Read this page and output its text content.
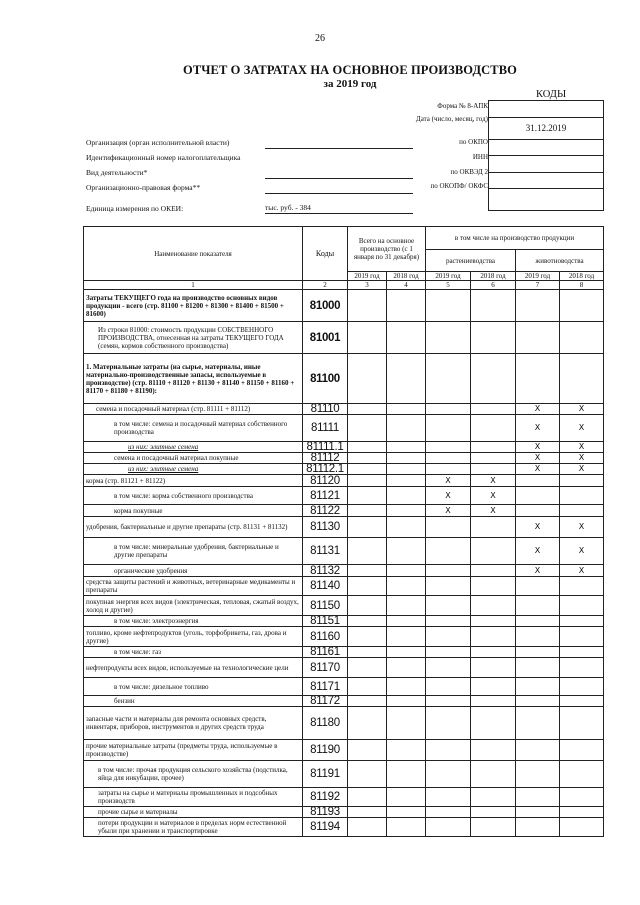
26
ОТЧЕТ О ЗАТРАТАХ НА ОСНОВНОЕ ПРОИЗВОДСТВО
за 2019 год
КОДЫ
31.12.2019
Форма № 8-АПК
Дата (число, месяц, год)
по ОКПО
ИНН
по ОКВЭД 2
по ОКОПФ/ ОКФС
Организация (орган исполнительной власти)
Идентификационный номер налогоплательщика
Вид деятельности*
Организационно-правовая форма**
Единица измерения по ОКЕИ:	тыс. руб. - 384
Наименование показателя	Коды	Всего на основное производство (с 1 января по 31 декабря)		в том числе на производство продукции			
				растениеводства		животноводства	
		2019 год	2018 год	2019 год	2018 год	2019 год	2018 год
1	2	3	4	5	6	7	8
Затраты ТЕКУЩЕГО года на производство основных видов продукции - всего (стр. 81100 + 81200 + 81300 + 81400 + 81500 + 81600)	81000						
Из строки 81000: стоимость продукции СОБСТВЕННОГО ПРОИЗВОДСТВА, отнесенная на затраты ТЕКУЩЕГО ГОДА (семян, кормов собственного производства)	81001						
1. Материальные затраты (на сырье, материалы, иные материально-производственные запасы, используемые в производстве) (стр. 81110 + 81120 + 81130 + 81140 + 81150 + 81160 + 81170 + 81180 + 81190):	81100						
семена и посадочный материал (стр. 81111 + 81112)	81110					X	X
в том числе: семена и посадочный материал собственного производства	81111					X	X
из них: элитные семена	81111.1					X	X
семена и посадочный материал покупные	81112					X	X
из них: элитные семена	81112.1					X	X
корма (стр. 81121 + 81122)	81120			X	X		
в том числе: корма собственного производства	81121			X	X		
корма покупные	81122			X	X		
удобрения, бактериальные и другие препараты (стр. 81131 + 81132)	81130					X	X
в том числе: минеральные удобрения, бактериальные и другие препараты	81131					X	X
органические удобрения	81132					X	X
средства защиты растений и животных, ветеринарные медикаменты и препараты	81140						
покупная энергия всех видов (электрическая, тепловая, сжатый воздух, холод и другие)	81150						
в том числе: электроэнергия	81151						
топливо, кроме нефтепродуктов (уголь, торфобрикеты, газ, дрова и другие)	81160						
в том числе: газ	81161						
нефтепродукты всех видов, используемые на технологические цели	81170						
в том числе: дизельное топливо	81171						
бензин	81172						
запасные части и материалы для ремонта основных средств, инвентаря, приборов, инструментов и других средств труда	81180						
прочие материальные затраты (предметы труда, используемые в производстве)	81190						
в том числе: прочая продукция сельского хозяйства (подстилка, яйца для инкубации, прочее)	81191						
затраты на сырье и материалы промышленных и подсобных производств	81192						
прочие сырье и материалы	81193						
потери продукции и материалов в пределах норм естественной убыли при хранении и транспортировке	81194						
